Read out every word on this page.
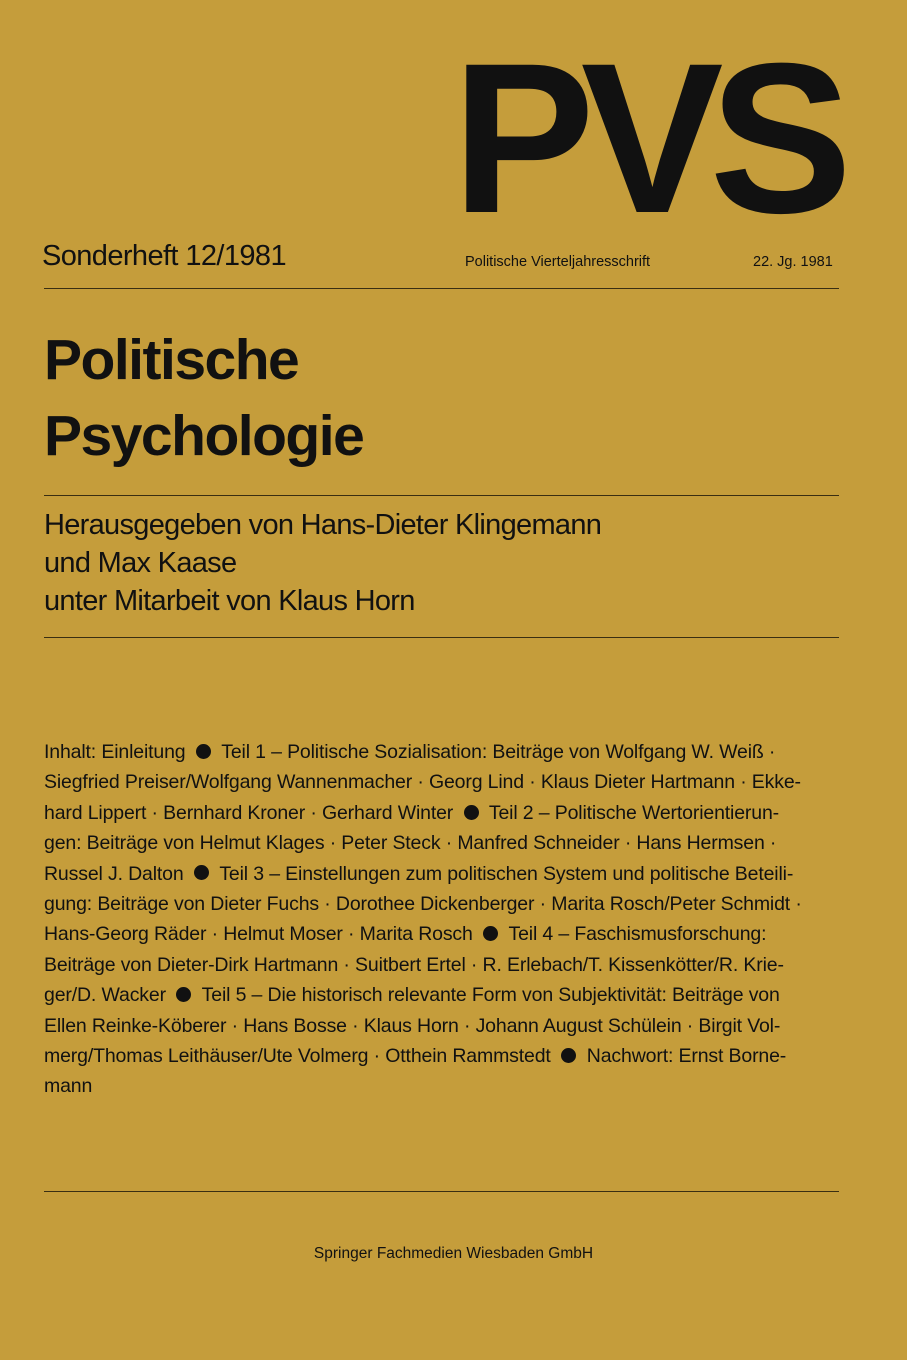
PVS
Sonderheft 12/1981	Politische Vierteljahresschrift	22. Jg. 1981
Politische
Psychologie
Herausgegeben von Hans-Dieter Klingemann
und Max Kaase
unter Mitarbeit von Klaus Horn
Inhalt: Einleitung Teil 1 – Politische Sozialisation: Beiträge von Wolfgang W. Weiß ·
Siegfried Preiser/Wolfgang Wannenmacher · Georg Lind · Klaus Dieter Hartmann · Ekke-
hard Lippert · Bernhard Kroner · Gerhard Winter Teil 2 – Politische Wertorientierun-
gen: Beiträge von Helmut Klages · Peter Steck · Manfred Schneider · Hans Hermsen ·
Russel J. Dalton Teil 3 – Einstellungen zum politischen System und politische Beteili-
gung: Beiträge von Dieter Fuchs · Dorothee Dickenberger · Marita Rosch/Peter Schmidt ·
Hans-Georg Räder · Helmut Moser · Marita Rosch Teil 4 – Faschismusforschung:
Beiträge von Dieter-Dirk Hartmann · Suitbert Ertel · R. Erlebach/T. Kissenkötter/R. Krie-
ger/D. Wacker Teil 5 – Die historisch relevante Form von Subjektivität: Beiträge von
Ellen Reinke-Köberer · Hans Bosse · Klaus Horn · Johann August Schülein · Birgit Vol-
merg/Thomas Leithäuser/Ute Volmerg · Otthein Rammstedt Nachwort: Ernst Borne-
mann
Springer Fachmedien Wiesbaden GmbH
